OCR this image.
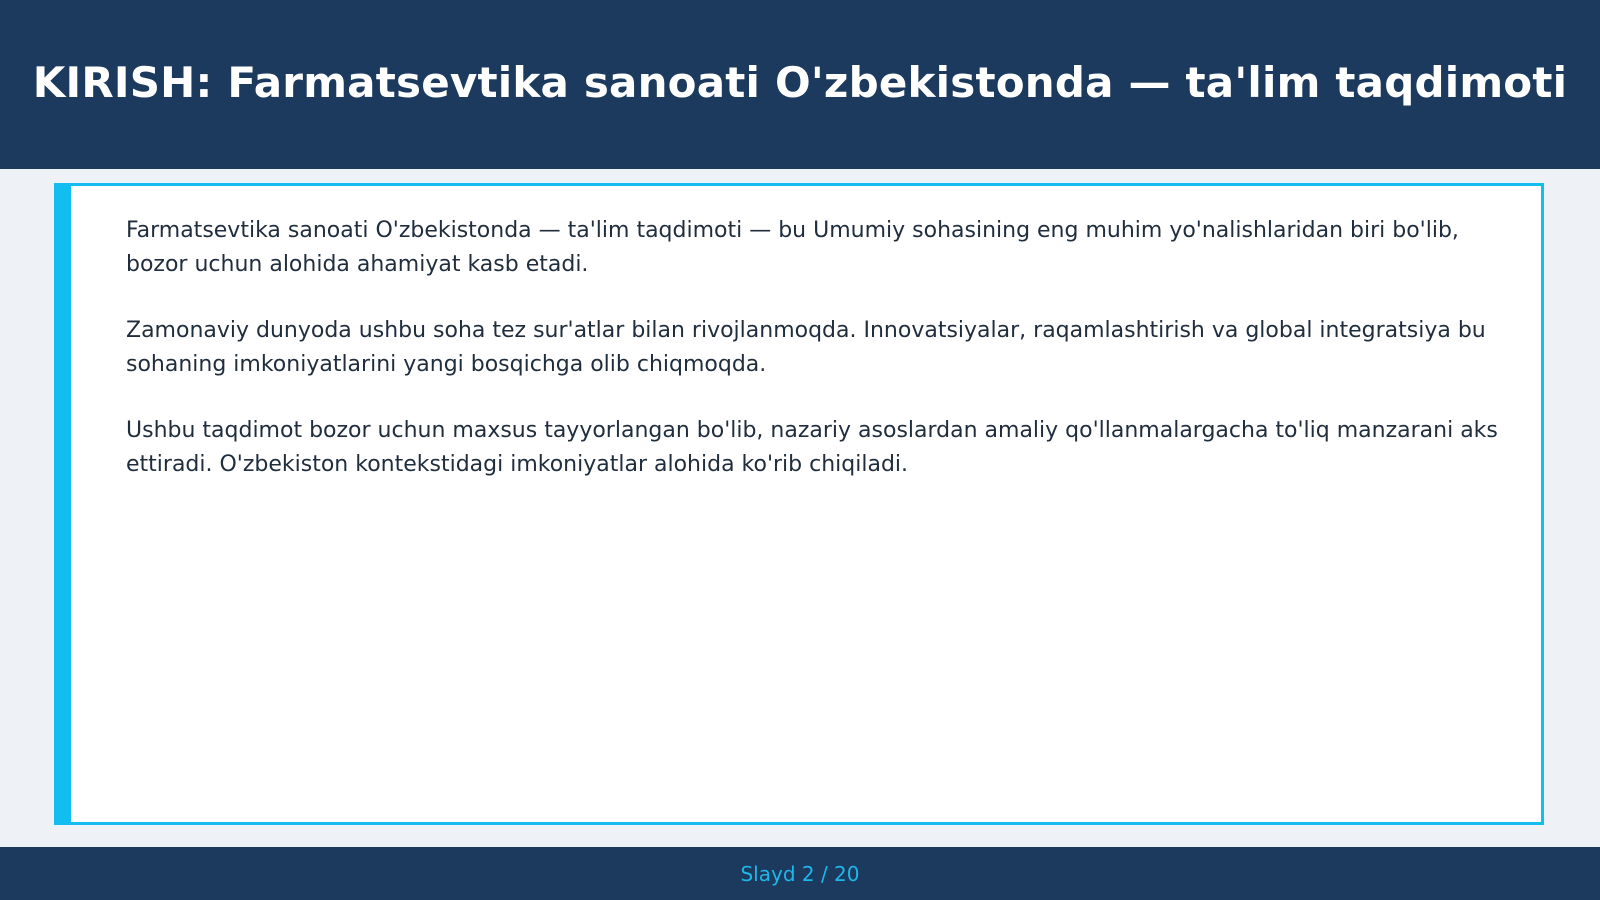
KIRISH: Farmatsevtika sanoati O'zbekistonda — ta'lim taqdimoti

Farmatsevtika sanoati O'zbekistonda — ta'lim taqdimoti — bu Umumiy sohasining eng muhim yo'nalishlaridan biri bo'lib, bozor uchun alohida ahamiyat kasb etadi.

Zamonaviy dunyoda ushbu soha tez sur'atlar bilan rivojlanmoqda. Innovatsiyalar, raqamlashtirish va global integratsiya bu sohaning imkoniyatlarini yangi bosqichga olib chiqmoqda.

Ushbu taqdimot bozor uchun maxsus tayyorlangan bo'lib, nazariy asoslardan amaliy qo'llanmalargacha to'liq manzarani aks ettiradi. O'zbekiston kontekstidagi imkoniyatlar alohida ko'rib chiqiladi.

Slayd 2 / 20
